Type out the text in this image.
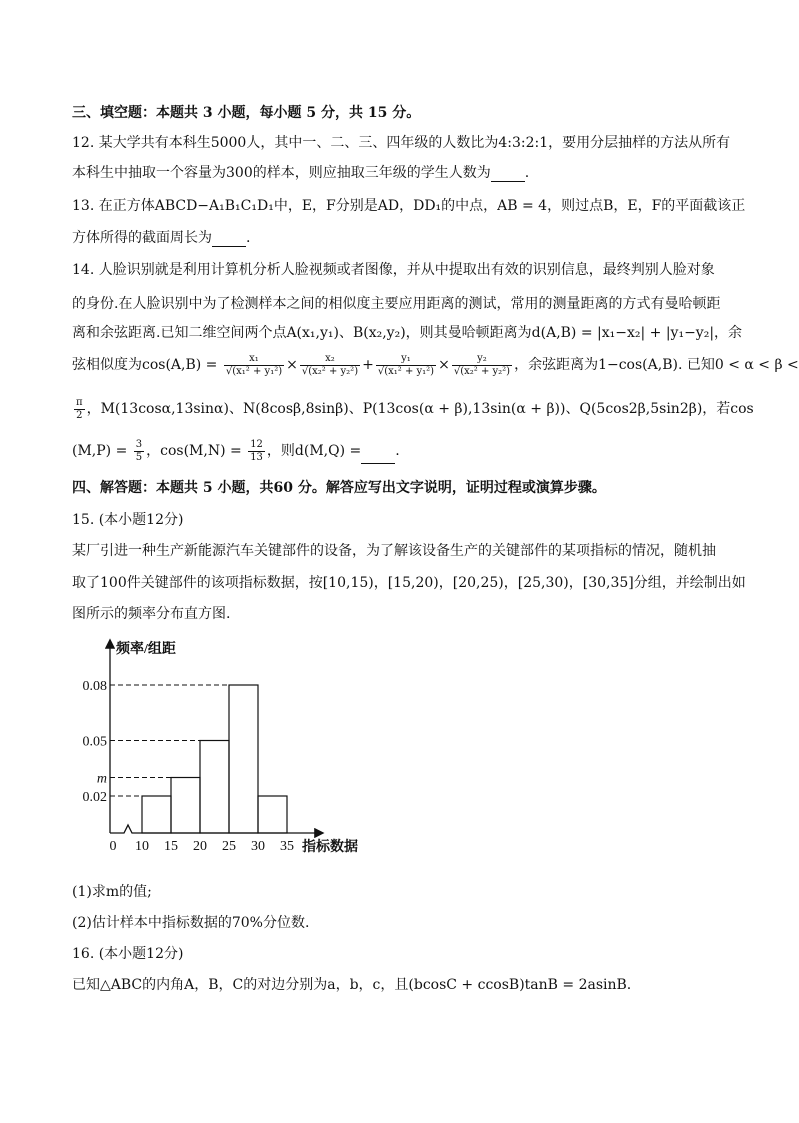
三、填空题：本题共 3 小题，每小题 5 分，共 15 分。
12. 某大学共有本科生5000人，其中一、二、三、四年级的人数比为4:3:2:1，要用分层抽样的方法从所有
本科生中抽取一个容量为300的样本，则应抽取三年级的学生人数为 .
13. 在正方体ABCD−A₁B₁C₁D₁中，E，F分别是AD，DD₁的中点，AB = 4，则过点B，E，F的平面截该正
方体所得的截面周长为 .
14. 人脸识别就是利用计算机分析人脸视频或者图像，并从中提取出有效的识别信息，最终判别人脸对象
的身份.在人脸识别中为了检测样本之间的相似度主要应用距离的测试，常用的测量距离的方式有曼哈顿距
离和余弦距离.已知二维空间两个点A(x₁,y₁)、B(x₂,y₂)，则其曼哈顿距离为d(A,B) = |x₁−x₂| + |y₁−y₂|，余
弦相似度为$\cos(A,B) = \frac{\text{x₁}}{\text{√(x₁² + y₁²)}} \times \frac{\text{x₂}}{\text{√(x₂² + y₂²)}} + \frac{\text{y₁}}{\text{√(x₁² + y₁²)}} \times \frac{\text{y₂}}{\text{√(x₂² + y₂²)}}$ ，余弦距离为1−cos(A,B). 已知0 < α < β <
$\frac{\pi}{2}$ ，M(13cosα,13sinα)、N(8cosβ,8sinβ)、P(13cos(α + β),13sin(α + β))、Q(5cos2β,5sin2β)，若cos
$(M,P) = \frac{3}{5}$ ，$\cos(M,N) = \frac{12}{13}$ ，则d(M,Q) = .
四、解答题：本题共 5 小题，共60 分。解答应写出文字说明，证明过程或演算步骤。
15. (本小题12分)
某厂引进一种生产新能源汽车关键部件的设备，为了解该设备生产的关键部件的某项指标的情况，随机抽
取了100件关键部件的该项指标数据，按[10,15)，[15,20)，[20,25)，[25,30)，[30,35]分组，并绘制出如
图所示的频率分布直方图.
频率/组距
指标数据
0.08
0.05
m
0.02
0 10 15 20 25 30 35
(1)求m的值;
(2)估计样本中指标数据的70%分位数.
16. (本小题12分)
已知△ABC的内角A，B，C的对边分别为a，b，c，且(bcosC + ccosB)tanB = 2asinB.
